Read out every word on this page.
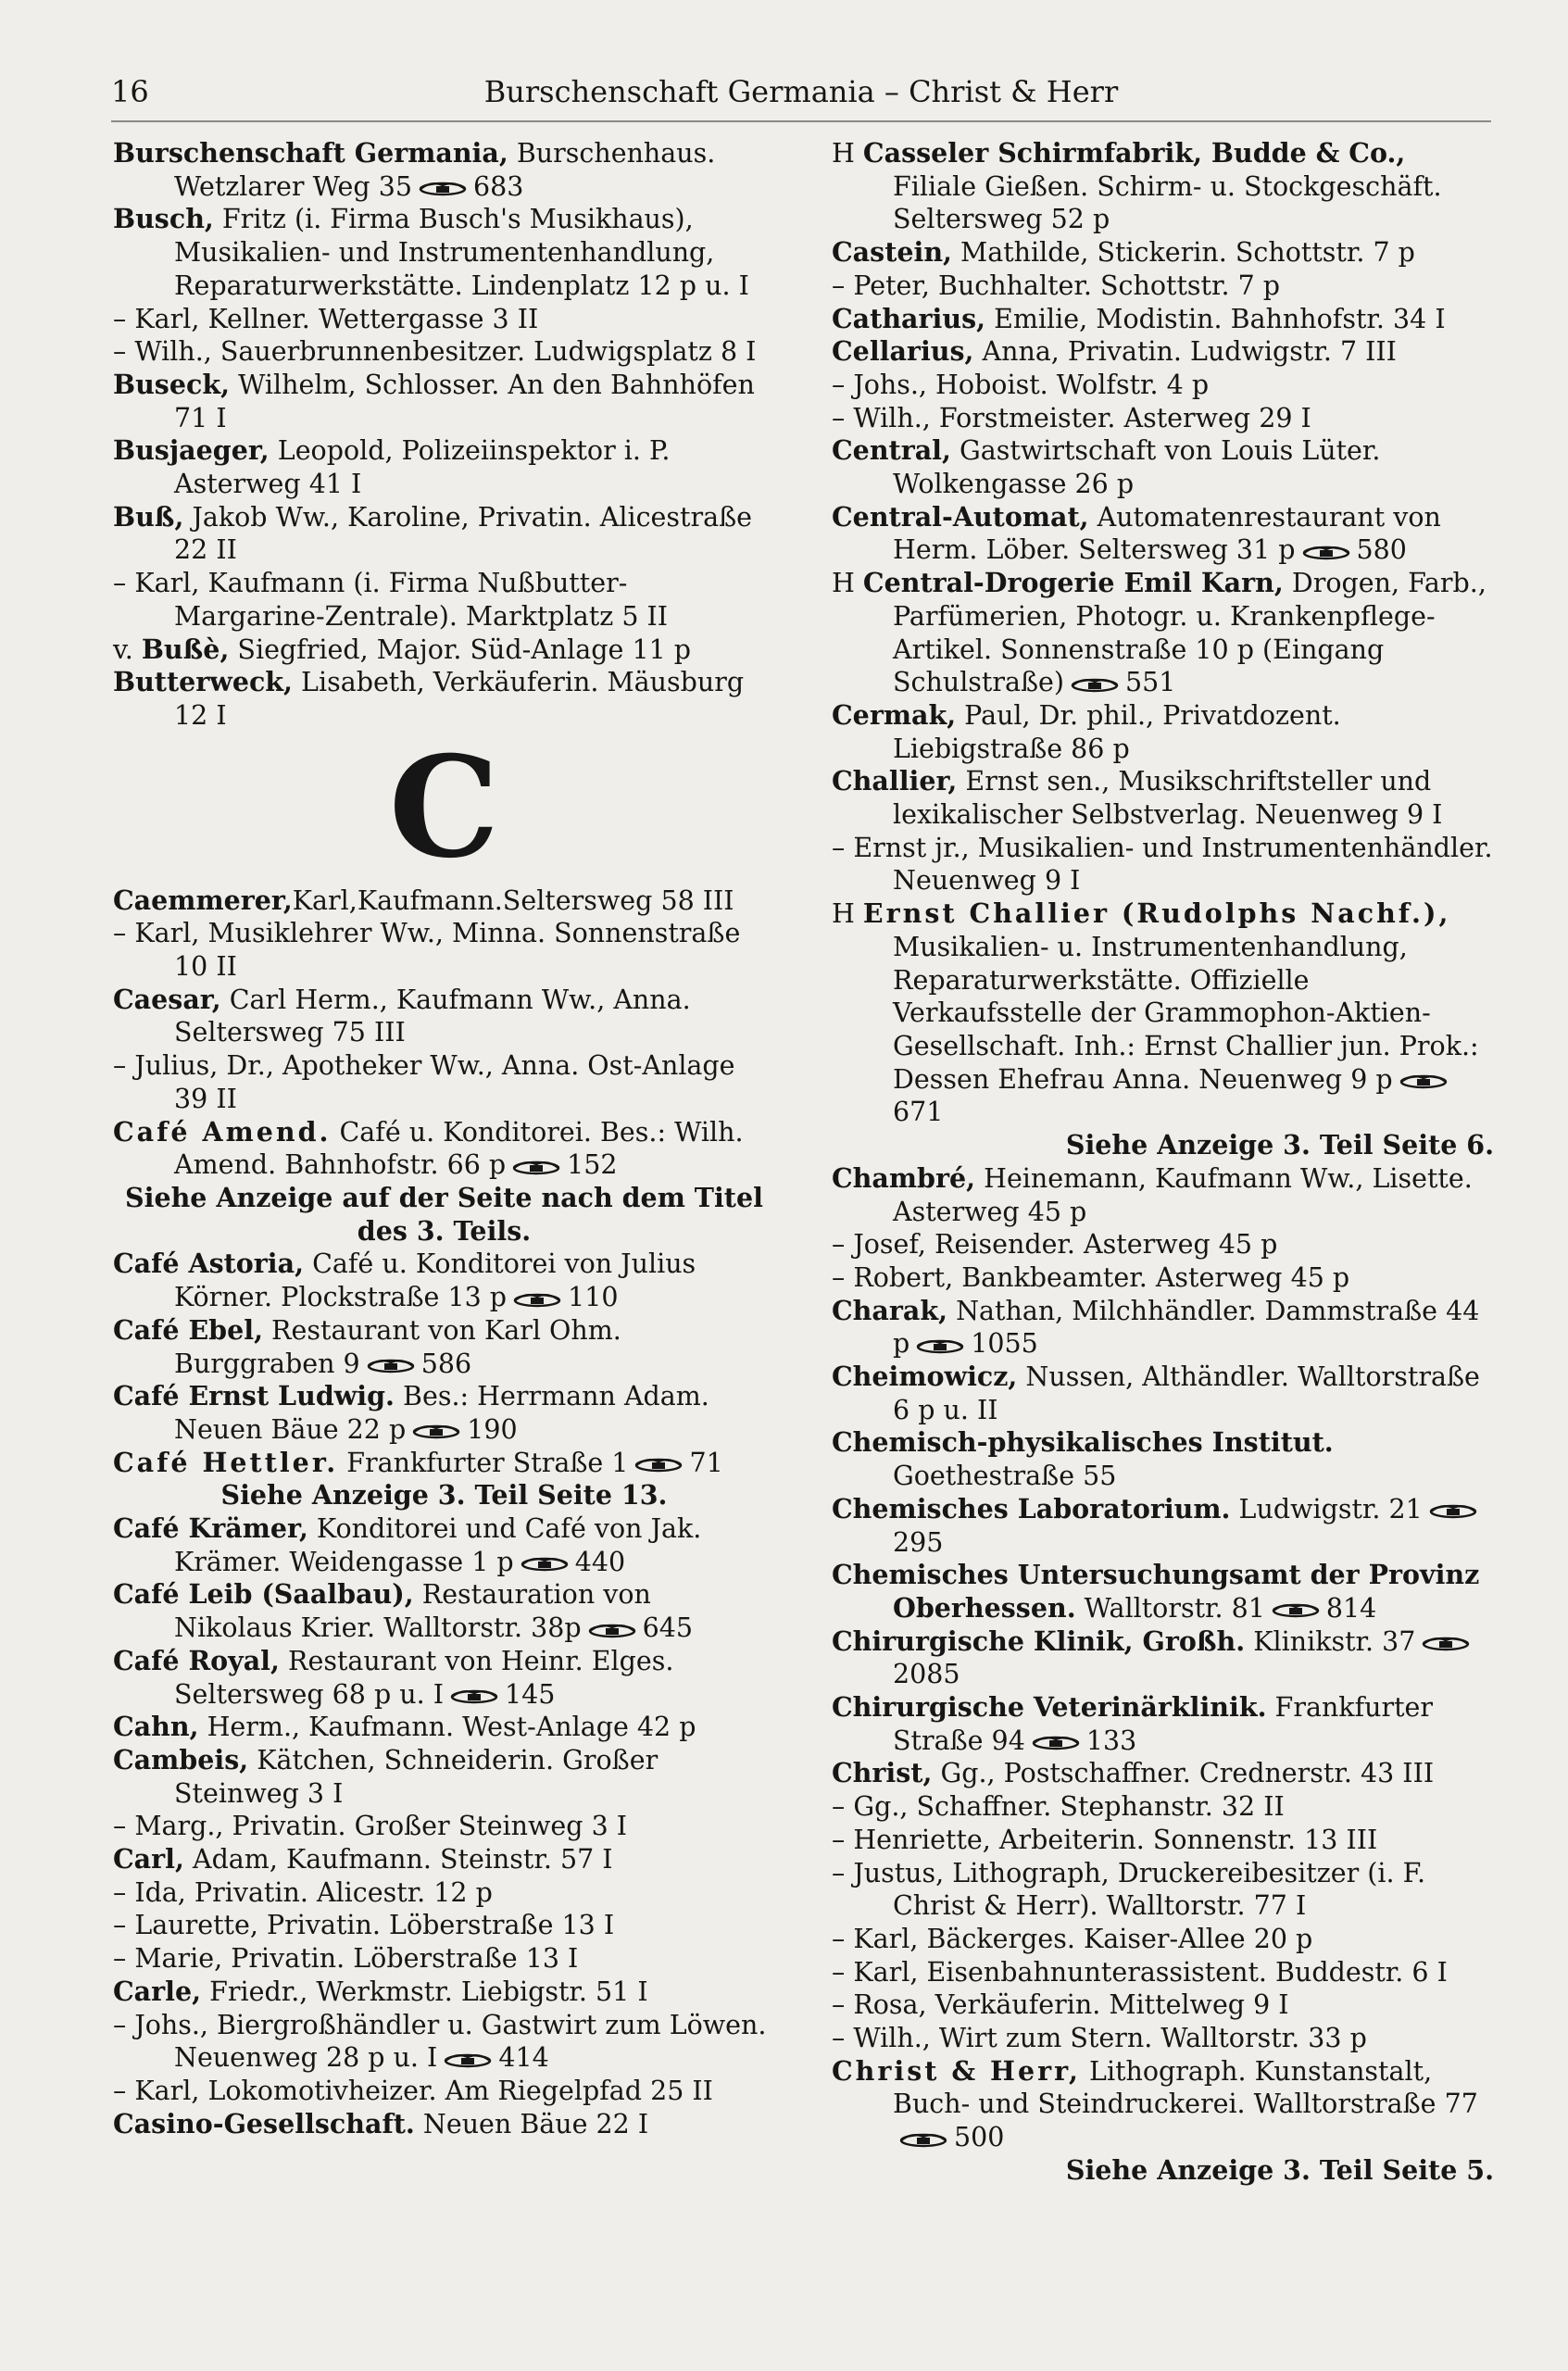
16	Burschenschaft Germania – Christ & Herr
Burschenschaft Germania, Burschenhaus. Wetzlarer Weg 35 683
Busch, Fritz (i. Firma Busch's Musikhaus), Musikalien- und Instrumentenhandlung, Reparaturwerkstätte. Lindenplatz 12 p u. I
– Karl, Kellner. Wettergasse 3 II
– Wilh., Sauerbrunnenbesitzer. Ludwigsplatz 8 I
Buseck, Wilhelm, Schlosser. An den Bahnhöfen 71 I
Busjaeger, Leopold, Polizeiinspektor i. P. Asterweg 41 I
Buß, Jakob Ww., Karoline, Privatin. Alicestraße 22 II
– Karl, Kaufmann (i. Firma Nußbutter-Margarine-Zentrale). Marktplatz 5 II
v. Bußè, Siegfried, Major. Süd-Anlage 11 p
Butterweck, Lisabeth, Verkäuferin. Mäusburg 12 I
C
Caemmerer,Karl,Kaufmann.Seltersweg 58 III
– Karl, Musiklehrer Ww., Minna. Sonnenstraße 10 II
Caesar, Carl Herm., Kaufmann Ww., Anna. Seltersweg 75 III
– Julius, Dr., Apotheker Ww., Anna. Ost-Anlage 39 II
Café Amend. Café u. Konditorei. Bes.: Wilh. Amend. Bahnhofstr. 66 p 152
Siehe Anzeige auf der Seite nach dem Titel des 3. Teils.
Café Astoria, Café u. Konditorei von Julius Körner. Plockstraße 13 p 110
Café Ebel, Restaurant von Karl Ohm. Burggraben 9 586
Café Ernst Ludwig. Bes.: Herrmann Adam. Neuen Bäue 22 p 190
Café Hettler. Frankfurter Straße 1 71
Siehe Anzeige 3. Teil Seite 13.
Café Krämer, Konditorei und Café von Jak. Krämer. Weidengasse 1 p 440
Café Leib (Saalbau), Restauration von Nikolaus Krier. Walltorstr. 38p 645
Café Royal, Restaurant von Heinr. Elges. Seltersweg 68 p u. I 145
Cahn, Herm., Kaufmann. West-Anlage 42 p
Cambeis, Kätchen, Schneiderin. Großer Steinweg 3 I
– Marg., Privatin. Großer Steinweg 3 I
Carl, Adam, Kaufmann. Steinstr. 57 I
– Ida, Privatin. Alicestr. 12 p
– Laurette, Privatin. Löberstraße 13 I
– Marie, Privatin. Löberstraße 13 I
Carle, Friedr., Werkmstr. Liebigstr. 51 I
– Johs., Biergroßhändler u. Gastwirt zum Löwen. Neuenweg 28 p u. I 414
– Karl, Lokomotivheizer. Am Riegelpfad 25 II
Casino-Gesellschaft. Neuen Bäue 22 I
H Casseler Schirmfabrik, Budde & Co., Filiale Gießen. Schirm- u. Stockgeschäft. Seltersweg 52 p
Castein, Mathilde, Stickerin. Schottstr. 7 p
– Peter, Buchhalter. Schottstr. 7 p
Catharius, Emilie, Modistin. Bahnhofstr. 34 I
Cellarius, Anna, Privatin. Ludwigstr. 7 III
– Johs., Hoboist. Wolfstr. 4 p
– Wilh., Forstmeister. Asterweg 29 I
Central, Gastwirtschaft von Louis Lüter. Wolkengasse 26 p
Central-Automat, Automatenrestaurant von Herm. Löber. Seltersweg 31 p 580
H Central-Drogerie Emil Karn, Drogen, Farb., Parfümerien, Photogr. u. Krankenpflege-Artikel. Sonnenstraße 10 p (Eingang Schulstraße) 551
Cermak, Paul, Dr. phil., Privatdozent. Liebigstraße 86 p
Challier, Ernst sen., Musikschriftsteller und lexikalischer Selbstverlag. Neuenweg 9 I
– Ernst jr., Musikalien- und Instrumentenhändler. Neuenweg 9 I
H Ernst Challier (Rudolphs Nachf.), Musikalien- u. Instrumentenhandlung, Reparaturwerkstätte. Offizielle Verkaufsstelle der Grammophon-Aktien-Gesellschaft. Inh.: Ernst Challier jun. Prok.: Dessen Ehefrau Anna. Neuenweg 9 p
671
Siehe Anzeige 3. Teil Seite 6.
Chambré, Heinemann, Kaufmann Ww., Lisette. Asterweg 45 p
– Josef, Reisender. Asterweg 45 p
– Robert, Bankbeamter. Asterweg 45 p
Charak, Nathan, Milchhändler. Dammstraße 44 p 1055
Cheimowicz, Nussen, Althändler. Walltorstraße 6 p u. II
Chemisch-physikalisches Institut. Goethestraße 55
Chemisches Laboratorium. Ludwigstr. 21
295
Chemisches Untersuchungsamt der Provinz Oberhessen. Walltorstr. 81 814
Chirurgische Klinik, Großh. Klinikstr. 37
2085
Chirurgische Veterinärklinik. Frankfurter Straße 94 133
Christ, Gg., Postschaffner. Crednerstr. 43 III
– Gg., Schaffner. Stephanstr. 32 II
– Henriette, Arbeiterin. Sonnenstr. 13 III
– Justus, Lithograph, Druckereibesitzer (i. F. Christ & Herr). Walltorstr. 77 I
– Karl, Bäckerges. Kaiser-Allee 20 p
– Karl, Eisenbahnunterassistent. Buddestr. 6 I
– Rosa, Verkäuferin. Mittelweg 9 I
– Wilh., Wirt zum Stern. Walltorstr. 33 p
Christ & Herr, Lithograph. Kunstanstalt, Buch- und Steindruckerei. Walltorstraße 77
500
Siehe Anzeige 3. Teil Seite 5.
